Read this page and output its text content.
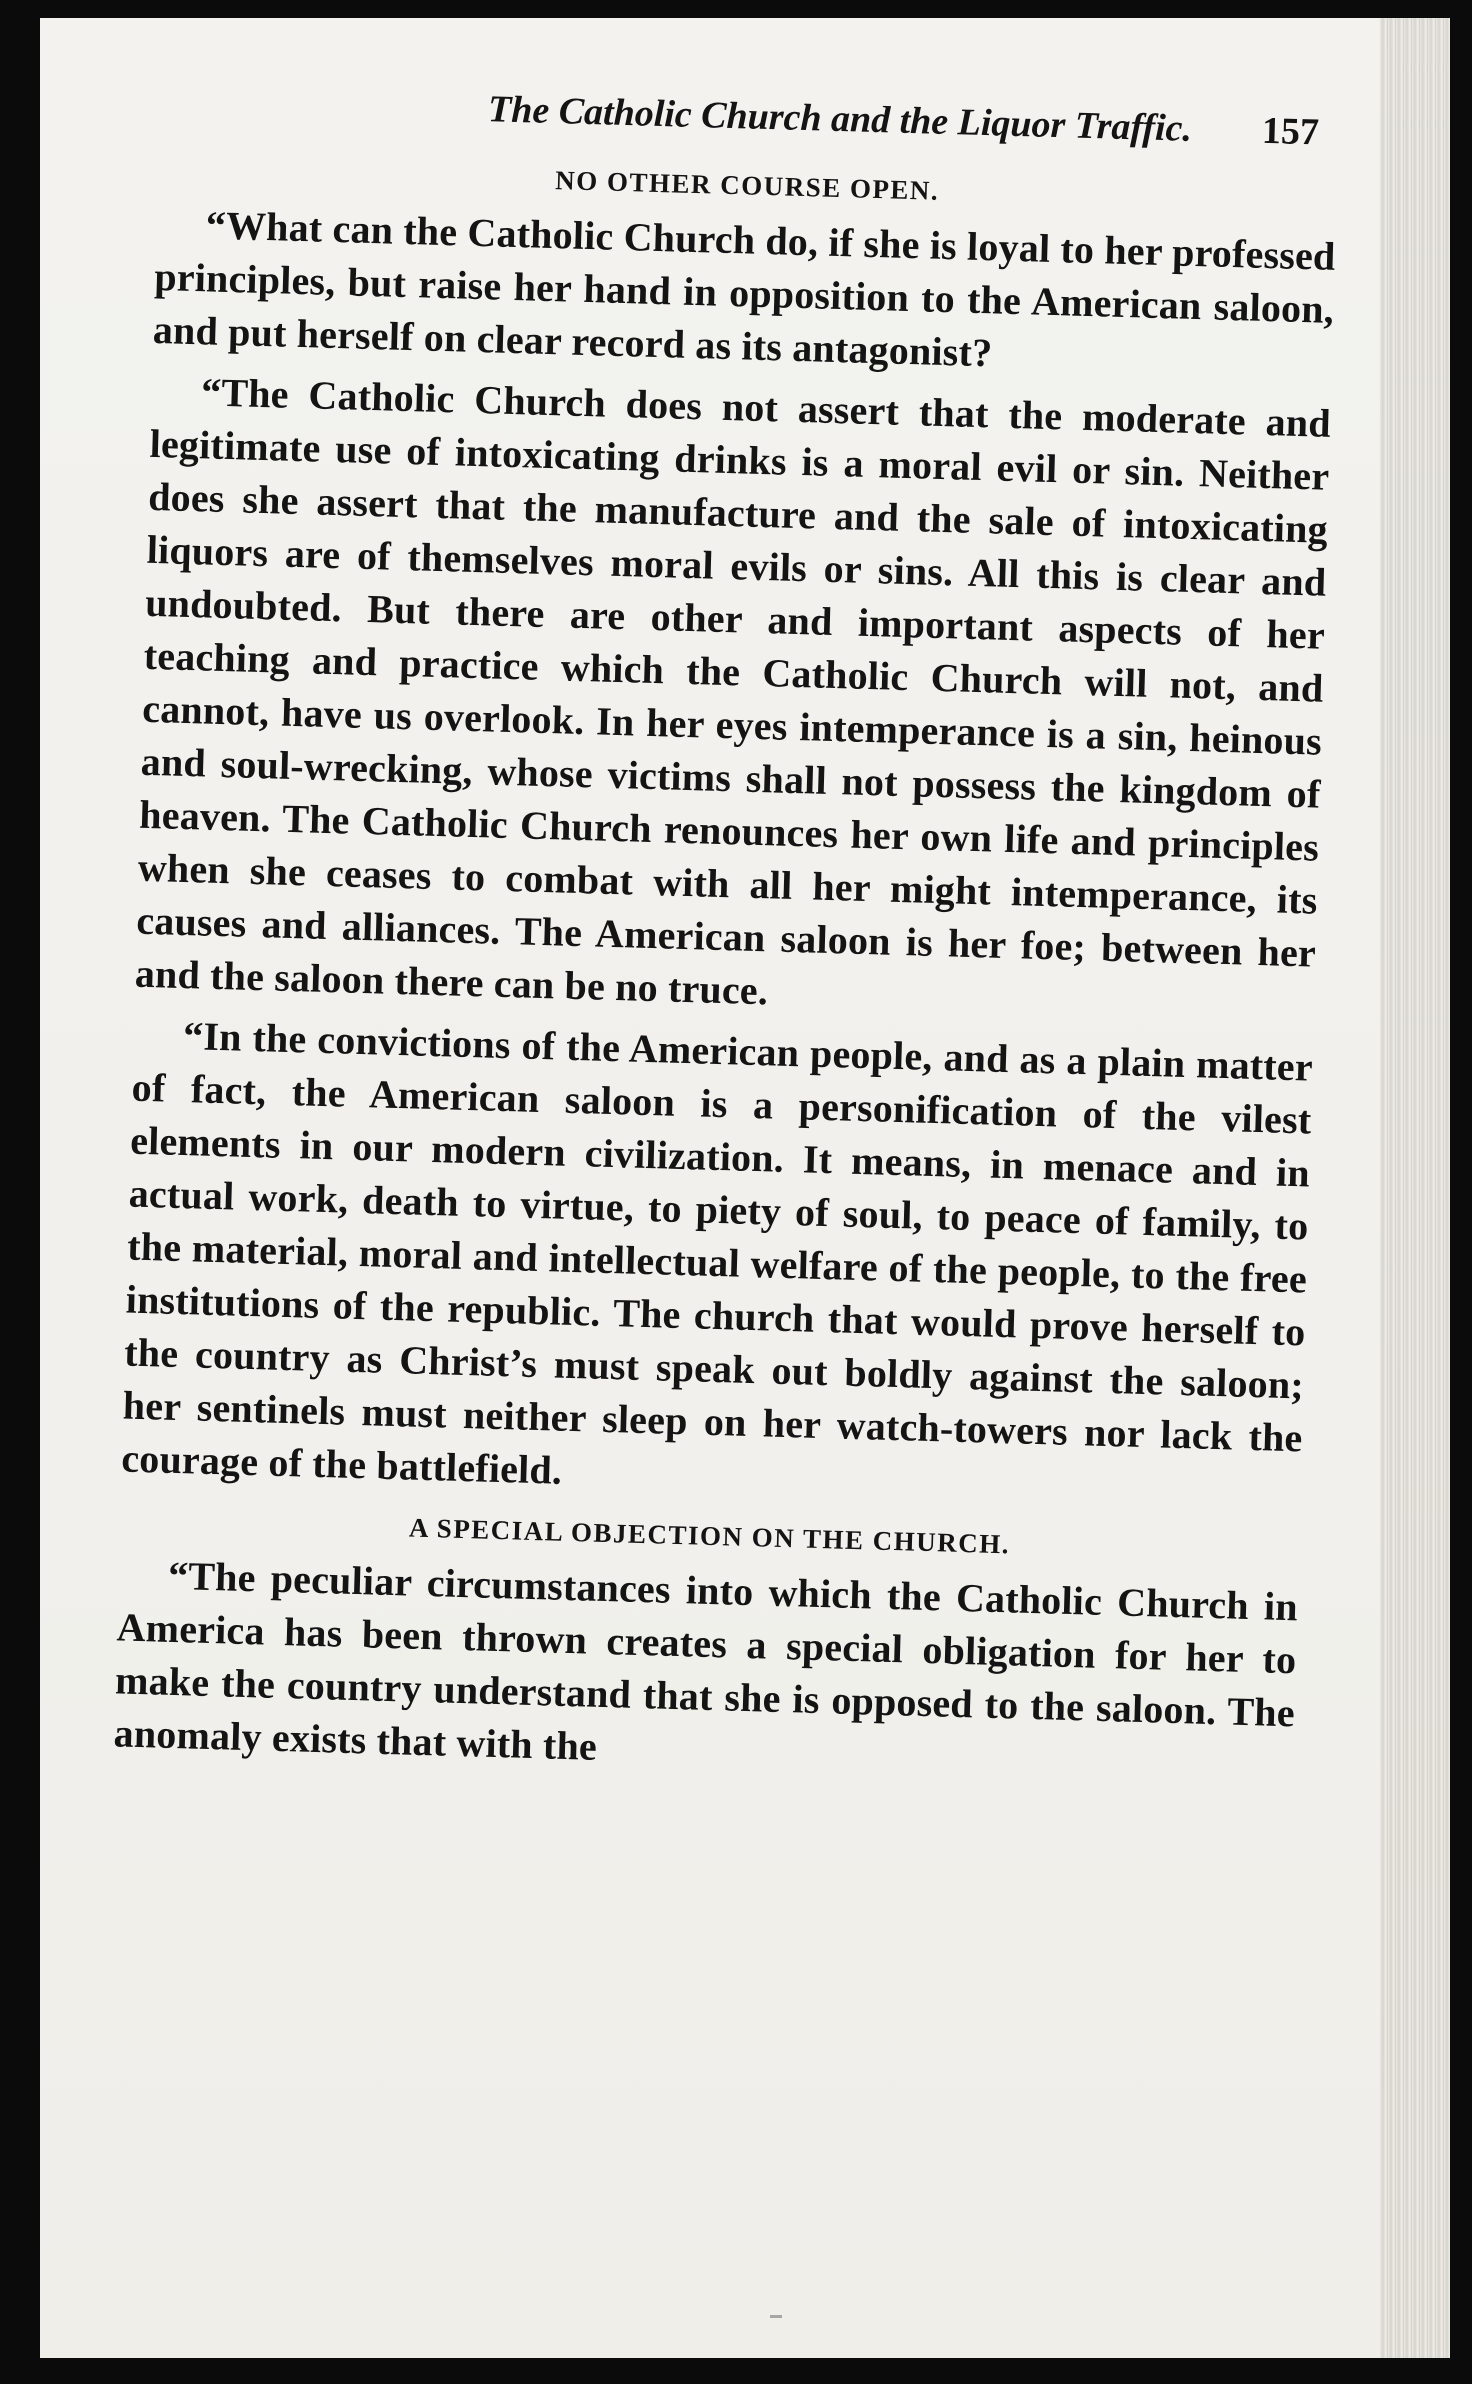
The Catholic Church and the Liquor Traffic. 157
NO OTHER COURSE OPEN.

“What can the Catholic Church do, if she is loyal to her professed principles, but raise her hand in opposition to the American saloon, and put herself on clear record as its antagonist?

“The Catholic Church does not assert that the moderate and legitimate use of intoxicating drinks is a moral evil or sin. Neither does she assert that the manufacture and the sale of intoxicating liquors are of themselves moral evils or sins. All this is clear and undoubted. But there are other and important aspects of her teaching and practice which the Catholic Church will not, and cannot, have us overlook. In her eyes intemperance is a sin, heinous and soul-wrecking, whose victims shall not possess the kingdom of heaven. The Catholic Church renounces her own life and principles when she ceases to combat with all her might intemperance, its causes and alliances. The American saloon is her foe; between her and the saloon there can be no truce.

“In the convictions of the American people, and as a plain matter of fact, the American saloon is a personification of the vilest elements in our modern civilization. It means, in menace and in actual work, death to virtue, to piety of soul, to peace of family, to the material, moral and intellectual welfare of the people, to the free institutions of the republic. The church that would prove herself to the country as Christ’s must speak out boldly against the saloon; her sentinels must neither sleep on her watch-towers nor lack the courage of the battlefield.

A SPECIAL OBJECTION ON THE CHURCH.

“The peculiar circumstances into which the Catholic Church in America has been thrown creates a special obligation for her to make the country understand that she is opposed to the saloon. The anomaly exists that with the
